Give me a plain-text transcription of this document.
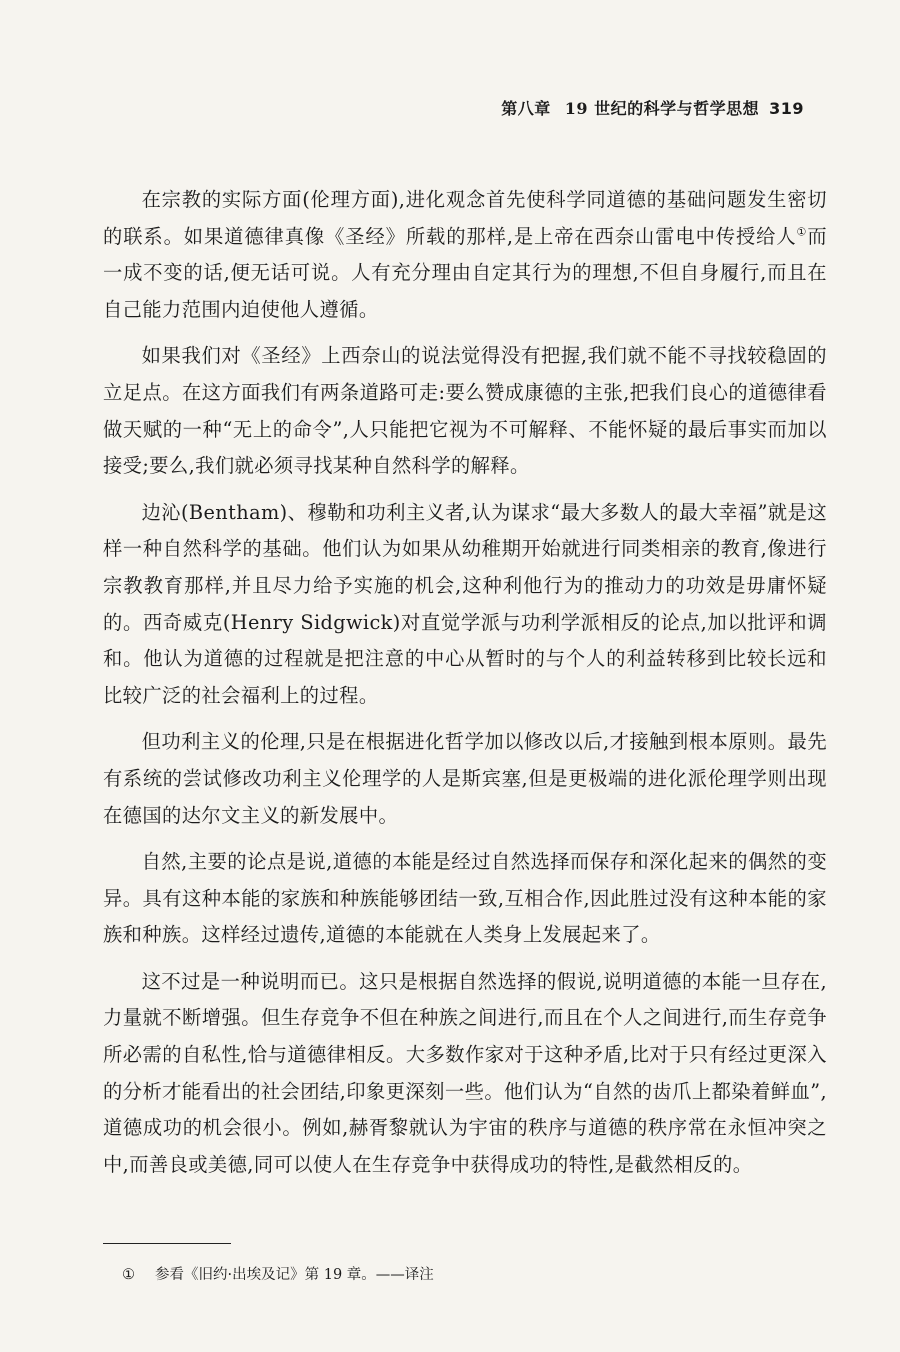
第八章 19 世纪的科学与哲学思想 319

在宗教的实际方面(伦理方面),进化观念首先使科学同道德的基础问题发生密切的联系。如果道德律真像《圣经》所载的那样,是上帝在西奈山雷电中传授给人①而一成不变的话,便无话可说。人有充分理由自定其行为的理想,不但自身履行,而且在自己能力范围内迫使他人遵循。

如果我们对《圣经》上西奈山的说法觉得没有把握,我们就不能不寻找较稳固的立足点。在这方面我们有两条道路可走:要么赞成康德的主张,把我们良心的道德律看做天赋的一种“无上的命令”,人只能把它视为不可解释、不能怀疑的最后事实而加以接受;要么,我们就必须寻找某种自然科学的解释。

边沁(Bentham)、穆勒和功利主义者,认为谋求“最大多数人的最大幸福”就是这样一种自然科学的基础。他们认为如果从幼稚期开始就进行同类相亲的教育,像进行宗教教育那样,并且尽力给予实施的机会,这种利他行为的推动力的功效是毋庸怀疑的。西奇威克(Henry Sidgwick)对直觉学派与功利学派相反的论点,加以批评和调和。他认为道德的过程就是把注意的中心从暂时的与个人的利益转移到比较长远和比较广泛的社会福利上的过程。

但功利主义的伦理,只是在根据进化哲学加以修改以后,才接触到根本原则。最先有系统的尝试修改功利主义伦理学的人是斯宾塞,但是更极端的进化派伦理学则出现在德国的达尔文主义的新发展中。

自然,主要的论点是说,道德的本能是经过自然选择而保存和深化起来的偶然的变异。具有这种本能的家族和种族能够团结一致,互相合作,因此胜过没有这种本能的家族和种族。这样经过遗传,道德的本能就在人类身上发展起来了。

这不过是一种说明而已。这只是根据自然选择的假说,说明道德的本能一旦存在,力量就不断增强。但生存竞争不但在种族之间进行,而且在个人之间进行,而生存竞争所必需的自私性,恰与道德律相反。大多数作家对于这种矛盾,比对于只有经过更深入的分析才能看出的社会团结,印象更深刻一些。他们认为“自然的齿爪上都染着鲜血”,道德成功的机会很小。例如,赫胥黎就认为宇宙的秩序与道德的秩序常在永恒冲突之中,而善良或美德,同可以使人在生存竞争中获得成功的特性,是截然相反的。

① 参看《旧约·出埃及记》第 19 章。——译注
